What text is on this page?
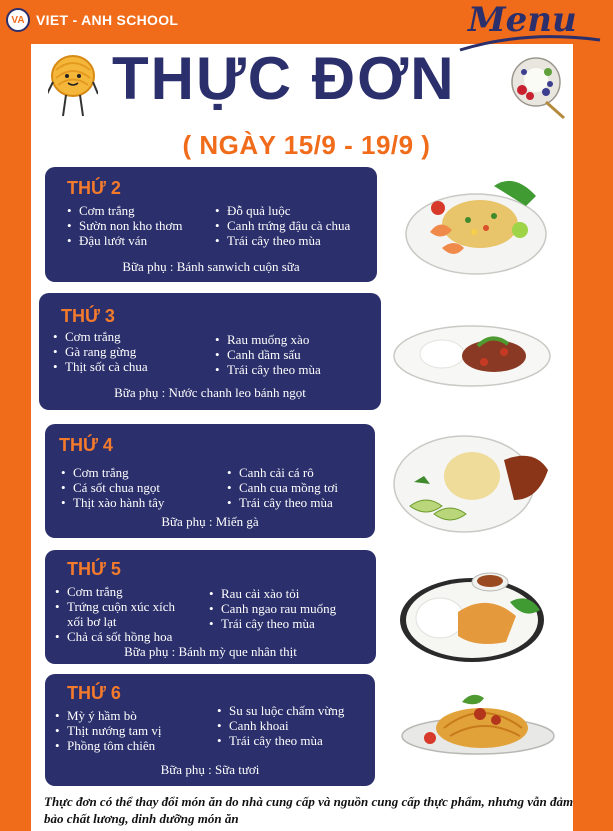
VA VIET - ANH SCHOOL	Menu
THỰC ĐƠN
( NGÀY 15/9 - 19/9 )
THỨ 2
• Cơm trắng
• Sườn non kho thơm
• Đậu lướt ván
• Đỗ quả luộc
• Canh trứng đậu cà chua
• Trái cây theo mùa
Bữa phụ : Bánh sanwich cuộn sữa
THỨ 3
• Cơm trắng
• Gà rang gừng
• Thịt sốt cà chua
• Rau muống xào
• Canh dầm sấu
• Trái cây theo mùa
Bữa phụ : Nước chanh leo bánh ngọt
THỨ 4
• Cơm trắng
• Cá sốt chua ngọt
• Thịt xào hành tây
• Canh cải cá rô
• Canh cua mồng tơi
• Trái cây theo mùa
Bữa phụ : Miến gà
THỨ 5
• Cơm trắng
• Trứng cuộn xúc xích
xối bơ lạt
• Chả cá sốt hồng hoa
• Rau cải xào tỏi
• Canh ngao rau muống
• Trái cây theo mùa
Bữa phụ : Bánh mỳ que nhân thịt
THỨ 6
• Mỳ ý hầm bò
• Thịt nướng tam vị
• Phồng tôm chiên
• Su su luộc chấm vừng
• Canh khoai
• Trái cây theo mùa
Bữa phụ : Sữa tươi
Thực đơn có thể thay đổi món ăn do nhà cung cấp và nguồn cung cấp thực phẩm, nhưng vẫn đảm bảo chất lương, dinh dưỡng món ăn
